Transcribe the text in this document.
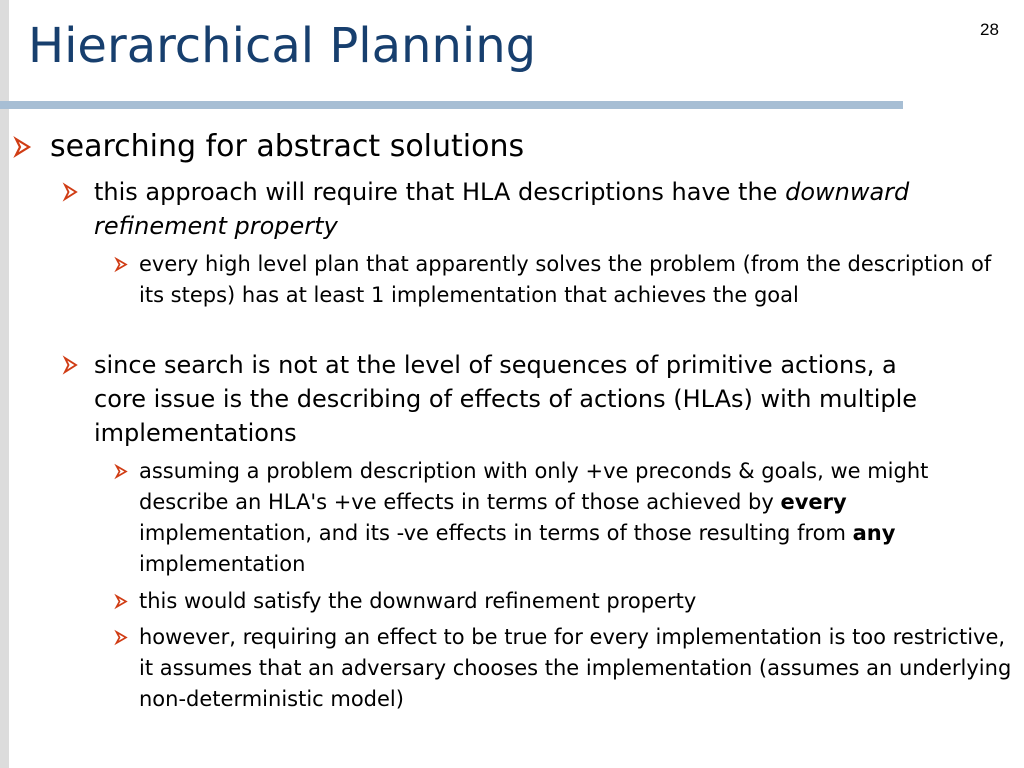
Hierarchical Planning	28
searching for abstract solutions
this approach will require that HLA descriptions have the downward refinement property
every high level plan that apparently solves the problem (from the description of its steps) has at least 1 implementation that achieves the goal
since search is not at the level of sequences of primitive actions, a core issue is the describing of effects of actions (HLAs) with multiple implementations
assuming a problem description with only +ve preconds & goals, we might describe an HLA's +ve effects in terms of those achieved by every implementation, and its -ve effects in terms of those resulting from any implementation
this would satisfy the downward refinement property
however, requiring an effect to be true for every implementation is too restrictive, it assumes that an adversary chooses the implementation (assumes an underlying non-deterministic model)
